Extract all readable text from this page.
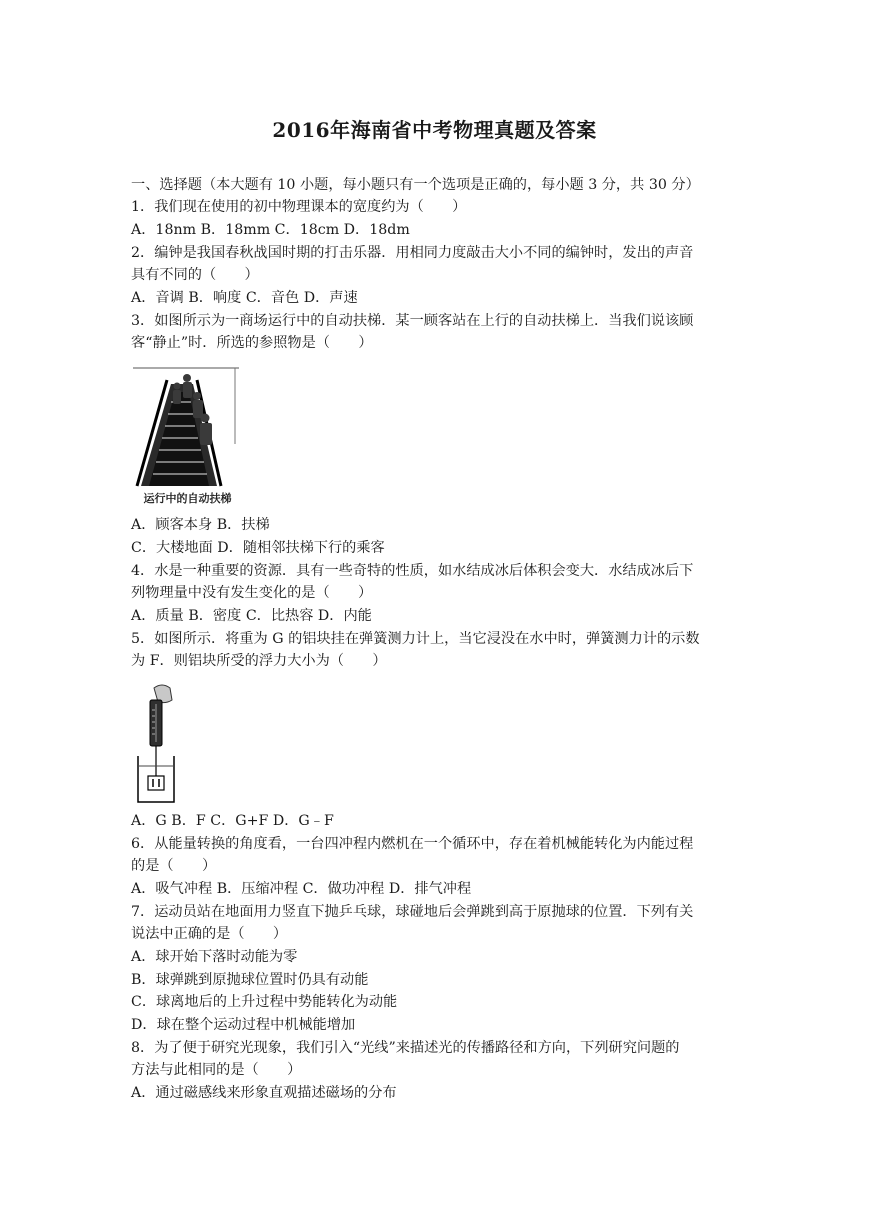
2016年海南省中考物理真题及答案
一、选择题（本大题有 10 小题，每小题只有一个选项是正确的，每小题 3 分，共 30 分）
1．我们现在使用的初中物理课本的宽度约为（　　）
A．18nm B．18mm C．18cm D．18dm
2．编钟是我国春秋战国时期的打击乐器．用相同力度敲击大小不同的编钟时，发出的声音
具有不同的（　　）
A．音调 B．响度 C．音色 D．声速
3．如图所示为一商场运行中的自动扶梯．某一顾客站在上行的自动扶梯上．当我们说该顾
客“静止”时．所选的参照物是（　　）
运行中的自动扶梯
A．顾客本身 B．扶梯
C．大楼地面 D．随相邻扶梯下行的乘客
4．水是一种重要的资源．具有一些奇特的性质，如水结成冰后体积会变大．水结成冰后下
列物理量中没有发生变化的是（　　）
A．质量 B．密度 C．比热容 D．内能
5．如图所示．将重为 G 的铝块挂在弹簧测力计上，当它浸没在水中时，弹簧测力计的示数
为 F．则铝块所受的浮力大小为（　　）
A．G B．F C．G+F D．G﹣F
6．从能量转换的角度看，一台四冲程内燃机在一个循环中，存在着机械能转化为内能过程
的是（　　）
A．吸气冲程 B．压缩冲程 C．做功冲程 D．排气冲程
7．运动员站在地面用力竖直下抛乒乓球，球碰地后会弹跳到高于原抛球的位置．下列有关
说法中正确的是（　　）
A．球开始下落时动能为零
B．球弹跳到原抛球位置时仍具有动能
C．球离地后的上升过程中势能转化为动能
D．球在整个运动过程中机械能增加
8．为了便于研究光现象，我们引入“光线”来描述光的传播路径和方向，下列研究问题的
方法与此相同的是（　　）
A．通过磁感线来形象直观描述磁场的分布
